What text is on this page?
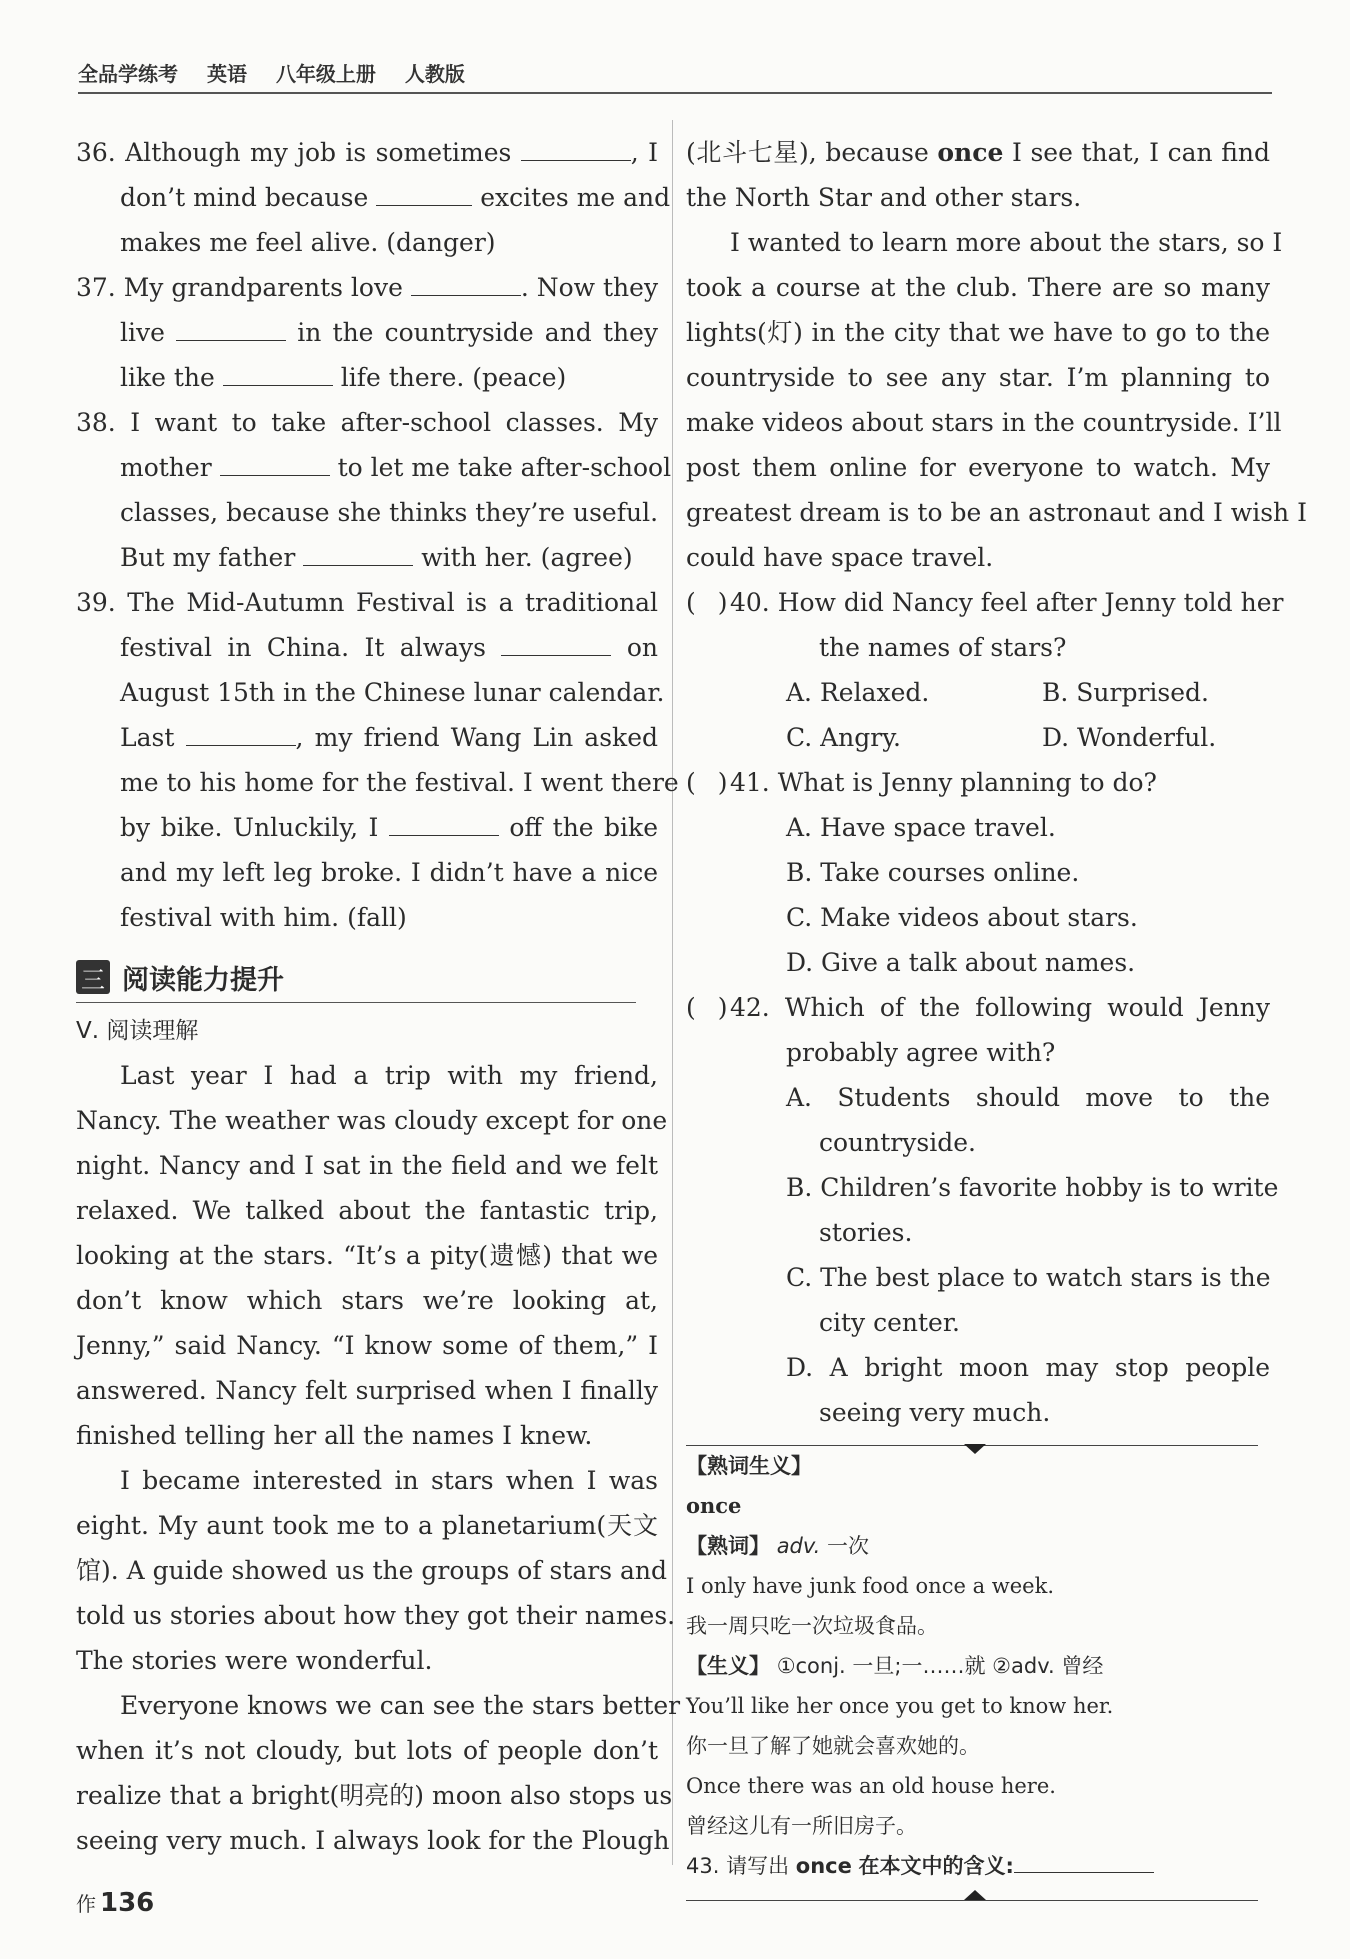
全品学练考 英语 八年级上册 人教版
36. Although my job is sometimes	, I
don’t mind because	excites me and
makes me feel alive. (danger)
37. My grandparents love	. Now they
live	in the countryside and they
like the	life there. (peace)
38. I want to take after-school classes. My
mother	to let me take after-school
classes, because she thinks they’re useful.
But my father	with her. (agree)
39. The Mid-Autumn Festival is a traditional
festival in China. It always	on
August 15th in the Chinese lunar calendar.
Last	, my friend Wang Lin asked
me to his home for the festival. I went there
by bike. Unluckily, I	off the bike
and my left leg broke. I didn’t have a nice
festival with him. (fall)
三 阅读能力提升
Ⅴ. 阅读理解
Last year I had a trip with my friend,
Nancy. The weather was cloudy except for one
night. Nancy and I sat in the field and we felt
relaxed. We talked about the fantastic trip,
looking at the stars. “It’s a pity(遗憾) that we
don’t know which stars we’re looking at,
Jenny,” said Nancy. “I know some of them,” I
answered. Nancy felt surprised when I finally
finished telling her all the names I knew.
I became interested in stars when I was
eight. My aunt took me to a planetarium(天文
馆). A guide showed us the groups of stars and
told us stories about how they got their names.
The stories were wonderful.
Everyone knows we can see the stars better
when it’s not cloudy, but lots of people don’t
realize that a bright(明亮的) moon also stops us
seeing very much. I always look for the Plough
(北斗七星), because once I see that, I can find
the North Star and other stars.
I wanted to learn more about the stars, so I
took a course at the club. There are so many
lights(灯) in the city that we have to go to the
countryside to see any star. I’m planning to
make videos about stars in the countryside. I’ll
post them online for everyone to watch. My
greatest dream is to be an astronaut and I wish I
could have space travel.
( )40. How did Nancy feel after Jenny told her
the names of stars?
A. Relaxed.	B. Surprised.
C. Angry.	D. Wonderful.
( )41. What is Jenny planning to do?
A. Have space travel.
B. Take courses online.
C. Make videos about stars.
D. Give a talk about names.
( )42. Which of the following would Jenny
probably agree with?
A. Students should move to the
countryside.
B. Children’s favorite hobby is to write
stories.
C. The best place to watch stars is the
city center.
D. A bright moon may stop people
seeing very much.
【熟词生义】
once
【熟词】 adv. 一次
I only have junk food once a week.
我一周只吃一次垃圾食品。
【生义】 ①conj. 一旦;一……就 ②adv. 曾经
You’ll like her once you get to know her.
你一旦了解了她就会喜欢她的。
Once there was an old house here.
曾经这儿有一所旧房子。
43. 请写出 once 在本文中的含义:
作 136
